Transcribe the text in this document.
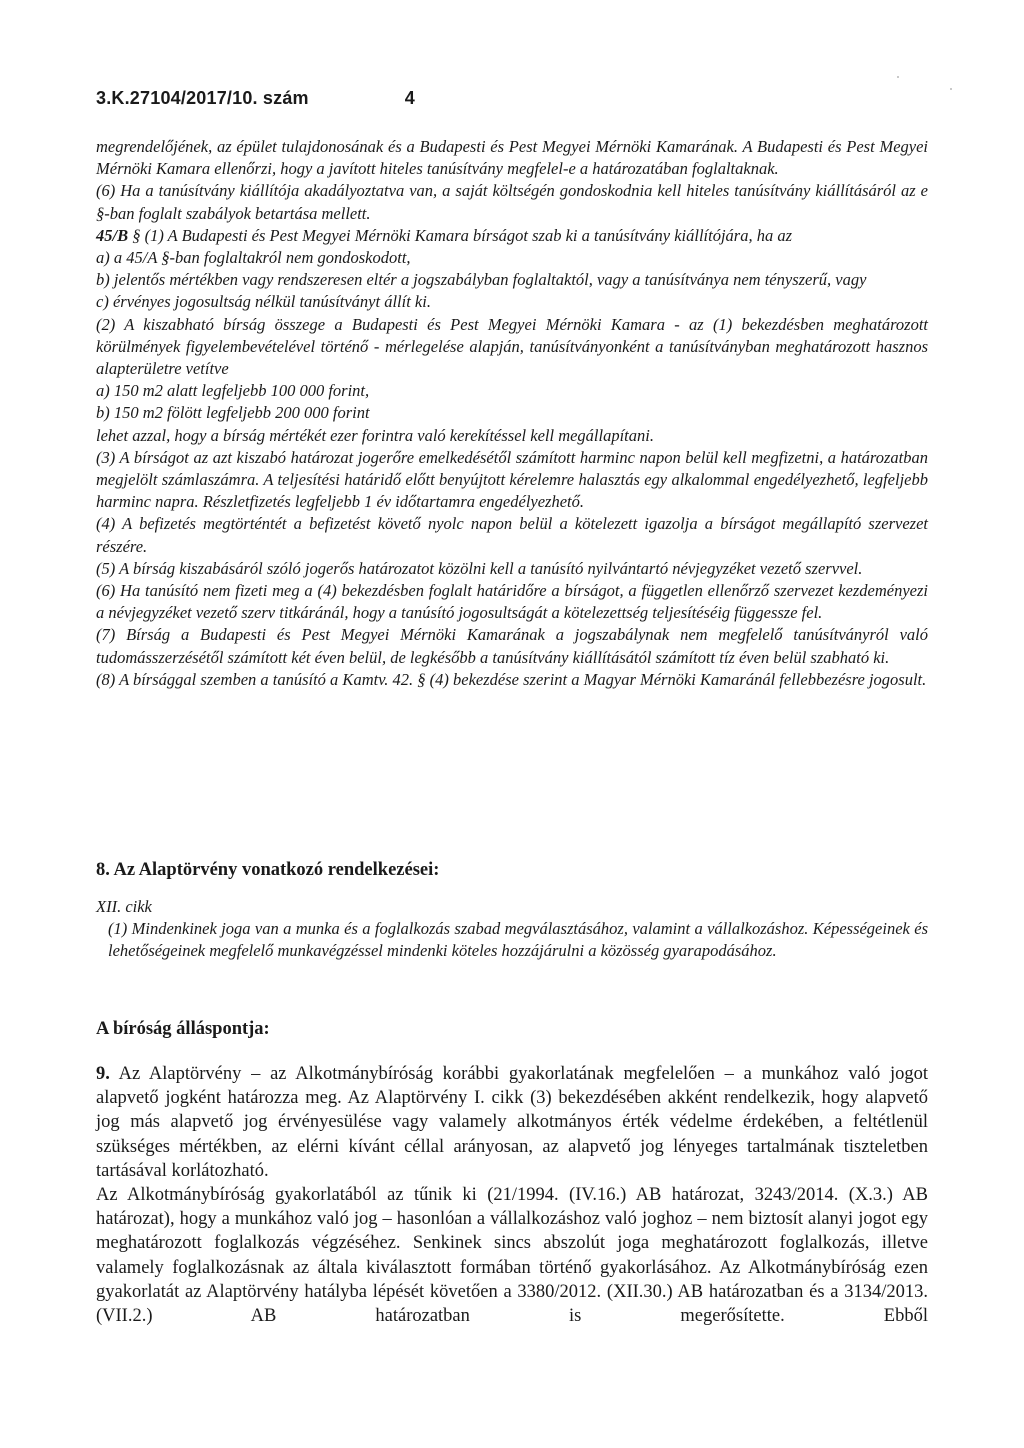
3.K.27104/2017/10. szám	4

megrendelőjének, az épület tulajdonosának és a Budapesti és Pest Megyei Mérnöki Kamarának. A Budapesti és Pest Megyei Mérnöki Kamara ellenőrzi, hogy a javított hiteles tanúsítvány megfelel-e a határozatában foglaltaknak.

(6) Ha a tanúsítvány kiállítója akadályoztatva van, a saját költségén gondoskodnia kell hiteles tanúsítvány kiállításáról az e §-ban foglalt szabályok betartása mellett.

45/B § (1) A Budapesti és Pest Megyei Mérnöki Kamara bírságot szab ki a tanúsítvány kiállítójára, ha az

a) a 45/A §-ban foglaltakról nem gondoskodott,

b) jelentős mértékben vagy rendszeresen eltér a jogszabályban foglaltaktól, vagy a tanúsítványa nem tényszerű, vagy

c) érvényes jogosultság nélkül tanúsítványt állít ki.

(2) A kiszabható bírság összege a Budapesti és Pest Megyei Mérnöki Kamara - az (1) bekezdésben meghatározott körülmények figyelembevételével történő - mérlegelése alapján, tanúsítványonként a tanúsítványban meghatározott hasznos alapterületre vetítve

a) 150 m2 alatt legfeljebb 100 000 forint,

b) 150 m2 fölött legfeljebb 200 000 forint

lehet azzal, hogy a bírság mértékét ezer forintra való kerekítéssel kell megállapítani.

(3) A bírságot az azt kiszabó határozat jogerőre emelkedésétől számított harminc napon belül kell megfizetni, a határozatban megjelölt számlaszámra. A teljesítési határidő előtt benyújtott kérelemre halasztás egy alkalommal engedélyezhető, legfeljebb harminc napra. Részletfizetés legfeljebb 1 év időtartamra engedélyezhető.

(4) A befizetés megtörténtét a befizetést követő nyolc napon belül a kötelezett igazolja a bírságot megállapító szervezet részére.

(5) A bírság kiszabásáról szóló jogerős határozatot közölni kell a tanúsító nyilvántartó névjegyzéket vezető szervvel.

(6) Ha tanúsító nem fizeti meg a (4) bekezdésben foglalt határidőre a bírságot, a független ellenőrző szervezet kezdeményezi a névjegyzéket vezető szerv titkáránál, hogy a tanúsító jogosultságát a kötelezettség teljesítéséig függessze fel.

(7) Bírság a Budapesti és Pest Megyei Mérnöki Kamarának a jogszabálynak nem megfelelő tanúsítványról való tudomásszerzésétől számított két éven belül, de legkésőbb a tanúsítvány kiállításától számított tíz éven belül szabható ki.

(8) A bírsággal szemben a tanúsító a Kamtv. 42. § (4) bekezdése szerint a Magyar Mérnöki Kamaránál fellebbezésre jogosult.

8. Az Alaptörvény vonatkozó rendelkezései:

XII. cikk

(1) Mindenkinek joga van a munka és a foglalkozás szabad megválasztásához, valamint a vállalkozáshoz. Képességeinek és lehetőségeinek megfelelő munkavégzéssel mindenki köteles hozzájárulni a közösség gyarapodásához.

A bíróság álláspontja:

9. Az Alaptörvény – az Alkotmánybíróság korábbi gyakorlatának megfelelően – a munkához való jogot alapvető jogként határozza meg. Az Alaptörvény I. cikk (3) bekezdésében akként rendelkezik, hogy alapvető jog más alapvető jog érvényesülése vagy valamely alkotmányos érték védelme érdekében, a feltétlenül szükséges mértékben, az elérni kívánt céllal arányosan, az alapvető jog lényeges tartalmának tiszteletben tartásával korlátozható.

Az Alkotmánybíróság gyakorlatából az tűnik ki (21/1994. (IV.16.) AB határozat, 3243/2014. (X.3.) AB határozat), hogy a munkához való jog – hasonlóan a vállalkozáshoz való joghoz – nem biztosít alanyi jogot egy meghatározott foglalkozás végzéséhez. Senkinek sincs abszolút joga meghatározott foglalkozás, illetve valamely foglalkozásnak az általa kiválasztott formában történő gyakorlásához. Az Alkotmánybíróság ezen gyakorlatát az Alaptörvény hatályba lépését követően a 3380/2012. (XII.30.) AB határozatban és a 3134/2013. (VII.2.) AB határozatban is megerősítette. Ebből
